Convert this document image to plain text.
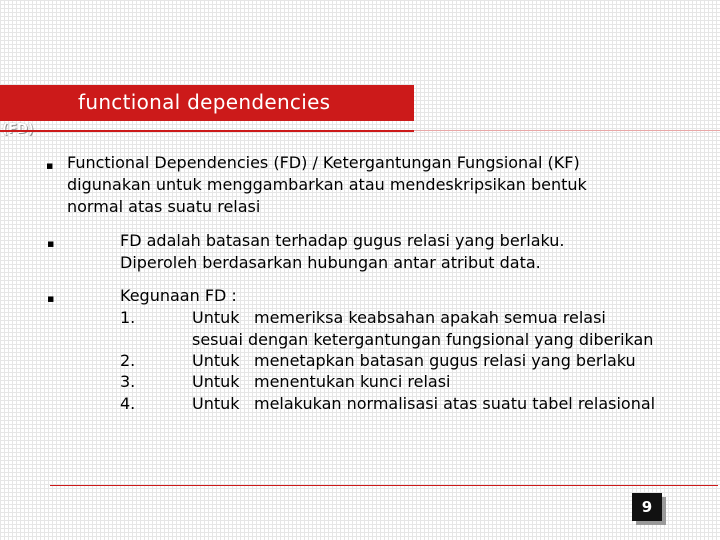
functional dependencies
▪ Functional Dependencies (FD) / Ketergantungan Fungsional (KF)
digunakan untuk menggambarkan atau mendeskripsikan bentuk
normal atas suatu relasi
▪	FD adalah batasan terhadap gugus relasi yang berlaku.
Diperoleh berdasarkan hubungan antar atribut data.
▪	Kegunaan FD :
1.	Untuk memeriksa keabsahan apakah semua relasi
sesuai dengan ketergantungan fungsional yang diberikan
2.	Untuk menetapkan batasan gugus relasi yang berlaku
3.	Untuk menentukan kunci relasi
4.	Untuk melakukan normalisasi atas suatu tabel relasional
9
